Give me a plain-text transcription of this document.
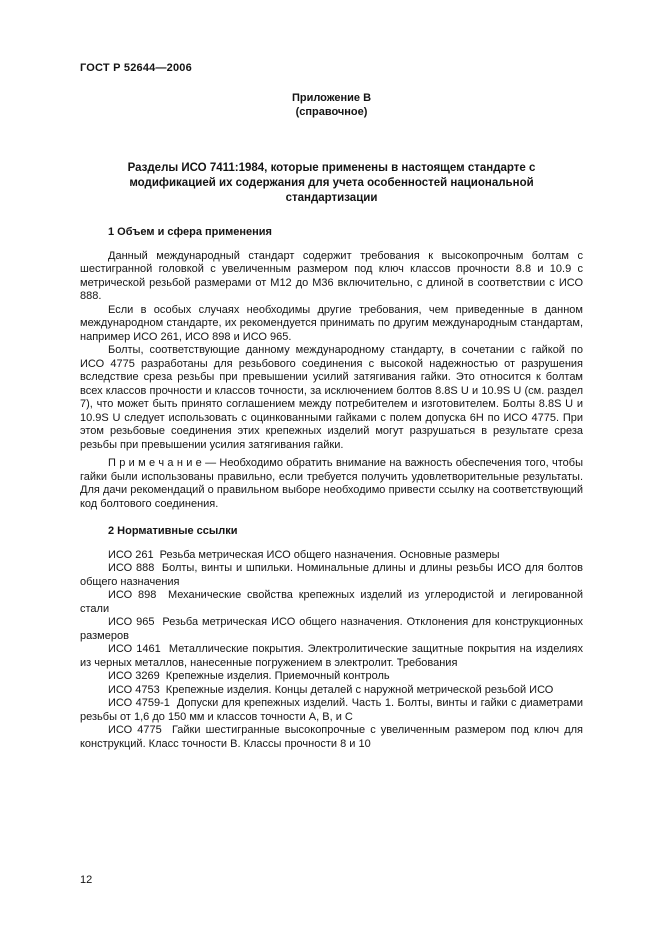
ГОСТ Р 52644—2006
Приложение В
(справочное)
Разделы ИСО 7411:1984, которые применены в настоящем стандарте с модификацией их содержания для учета особенностей национальной стандартизации
1 Объем и сфера применения

Данный международный стандарт содержит требования к высокопрочным болтам с шестигранной головкой с увеличенным размером под ключ классов прочности 8.8 и 10.9 с метрической резьбой размерами от М12 до М36 включительно, с длиной в соответствии с ИСО 888.

Если в особых случаях необходимы другие требования, чем приведенные в данном международном стандарте, их рекомендуется принимать по другим международным стандартам, например ИСО 261, ИСО 898 и ИСО 965.

Болты, соответствующие данному международному стандарту, в сочетании с гайкой по ИСО 4775 разработаны для резьбового соединения с высокой надежностью от разрушения вследствие среза резьбы при превышении усилий затягивания гайки. Это относится к болтам всех классов прочности и классов точности, за исключением болтов 8.8S U и 10.9S U (см. раздел 7), что может быть принято соглашением между потребителем и изготовителем. Болты 8.8S U и 10.9S U следует использовать с оцинкованными гайками с полем допуска 6Н по ИСО 4775. При этом резьбовые соединения этих крепежных изделий могут разрушаться в результате среза резьбы при превышении усилия затягивания гайки.

П р и м е ч а н и е — Необходимо обратить внимание на важность обеспечения того, чтобы гайки были использованы правильно, если требуется получить удовлетворительные результаты. Для дачи рекомендаций о правильном выборе необходимо привести ссылку на соответствующий код болтового соединения.

2 Нормативные ссылки

ИСО 261  Резьба метрическая ИСО общего назначения. Основные размеры

ИСО 888  Болты, винты и шпильки. Номинальные длины и длины резьбы ИСО для болтов общего назначения

ИСО 898  Механические свойства крепежных изделий из углеродистой и легированной стали

ИСО 965  Резьба метрическая ИСО общего назначения. Отклонения для конструкционных размеров

ИСО 1461  Металлические покрытия. Электролитические защитные покрытия на изделиях из черных металлов, нанесенные погружением в электролит. Требования

ИСО 3269  Крепежные изделия. Приемочный контроль

ИСО 4753  Крепежные изделия. Концы деталей с наружной метрической резьбой ИСО

ИСО 4759-1  Допуски для крепежных изделий. Часть 1. Болты, винты и гайки с диаметрами резьбы от 1,6 до 150 мм и классов точности А, В, и С

ИСО 4775  Гайки шестигранные высокопрочные с увеличенным размером под ключ для конструкций. Класс точности В. Классы прочности 8 и 10

12
